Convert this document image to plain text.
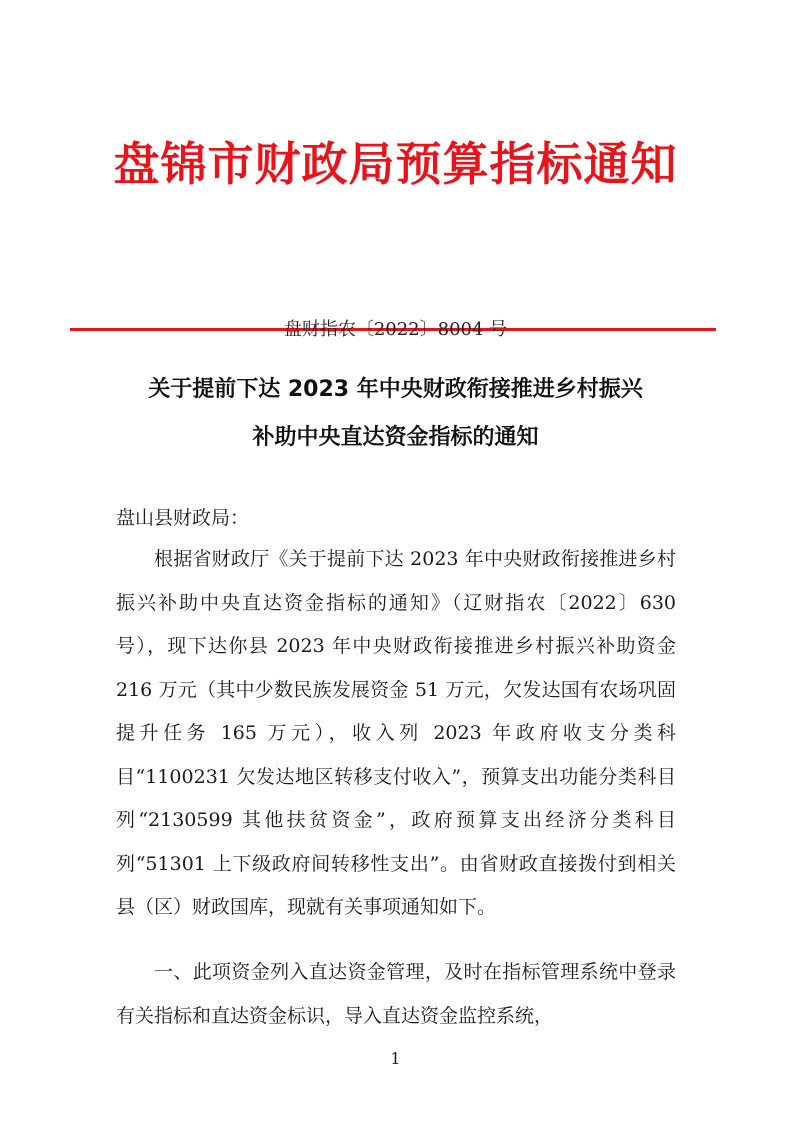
盘锦市财政局预算指标通知
盘财指农〔2022〕8004 号
关于提前下达 2023 年中央财政衔接推进乡村振兴
补助中央直达资金指标的通知
盘山县财政局：

根据省财政厅《关于提前下达 2023 年中央财政衔接推进乡村振兴补助中央直达资金指标的通知》（辽财指农〔2022〕630 号），现下达你县 2023 年中央财政衔接推进乡村振兴补助资金 216 万元（其中少数民族发展资金 51 万元，欠发达国有农场巩固提升任务 165 万元），收入列 2023 年政府收支分类科目“1100231 欠发达地区转移支付收入”，预算支出功能分类科目列“2130599 其他扶贫资金”，政府预算支出经济分类科目列“51301 上下级政府间转移性支出”。由省财政直接拨付到相关县（区）财政国库，现就有关事项通知如下。

一、此项资金列入直达资金管理，及时在指标管理系统中登录有关指标和直达资金标识，导入直达资金监控系统，

1
